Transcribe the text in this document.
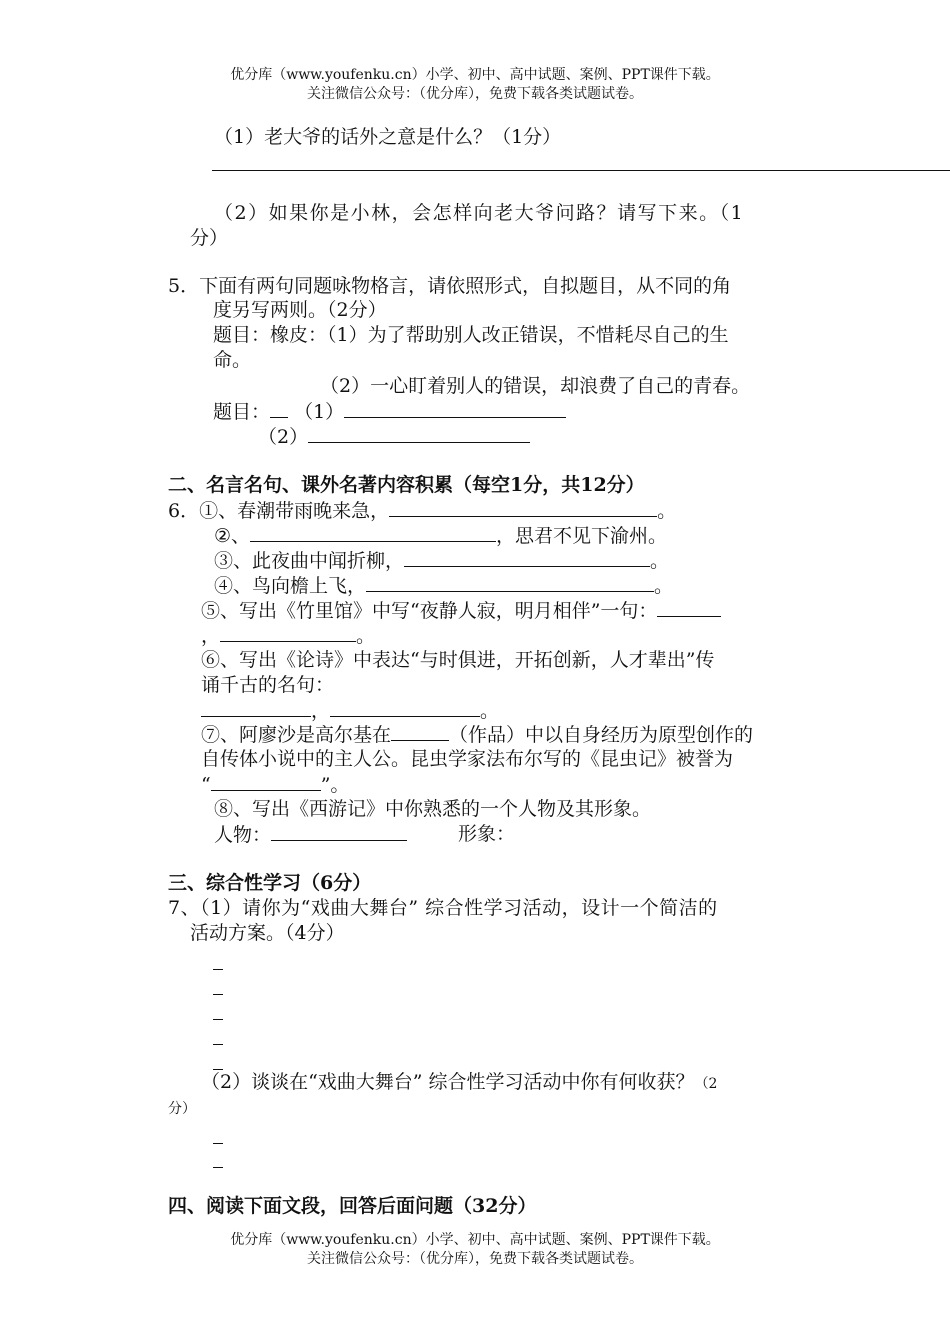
优分库（www.youfenku.cn）小学、初中、高中试题、案例、PPT课件下载。
关注微信公众号：（优分库），免费下载各类试题试卷。
（1）老大爷的话外之意是什么？（1分）
（2）如果你是小林，会怎样向老大爷问路？请写下来。（1
分）
5．下面有两句同题咏物格言，请依照形式，自拟题目，从不同的角
度另写两则。（2分）
题目：橡皮：（1）为了帮助别人改正错误，不惜耗尽自己的生
命。
（2）一心盯着别人的错误，却浪费了自己的青春。
题目： （1）
（2）
二、名言名句、课外名著内容积累（每空1分，共12分）
6．①、春潮带雨晚来急，	。
②、	，思君不见下渝州。
③、此夜曲中闻折柳，	。
④、鸟向檐上飞，	。
⑤、写出《竹里馆》中写“夜静人寂，明月相伴”一句：
，	。
⑥、写出《论诗》中表达“与时俱进，开拓创新，人才辈出”传
诵千古的名句：
，	。
⑦、阿廖沙是高尔基在	（作品）中以自身经历为原型创作的
自传体小说中的主人公。昆虫学家法布尔写的《昆虫记》被誉为
“	”。
⑧、写出《西游记》中你熟悉的一个人物及其形象。
人物：	形象：
三、综合性学习（6分）
7、（1）请你为“戏曲大舞台” 综合性学习活动，设计一个简洁的
活动方案。（4分）
（2）谈谈在“戏曲大舞台” 综合性学习活动中你有何收获？（2
分）
四、阅读下面文段，回答后面问题（32分）
优分库（www.youfenku.cn）小学、初中、高中试题、案例、PPT课件下载。
关注微信公众号：（优分库），免费下载各类试题试卷。
